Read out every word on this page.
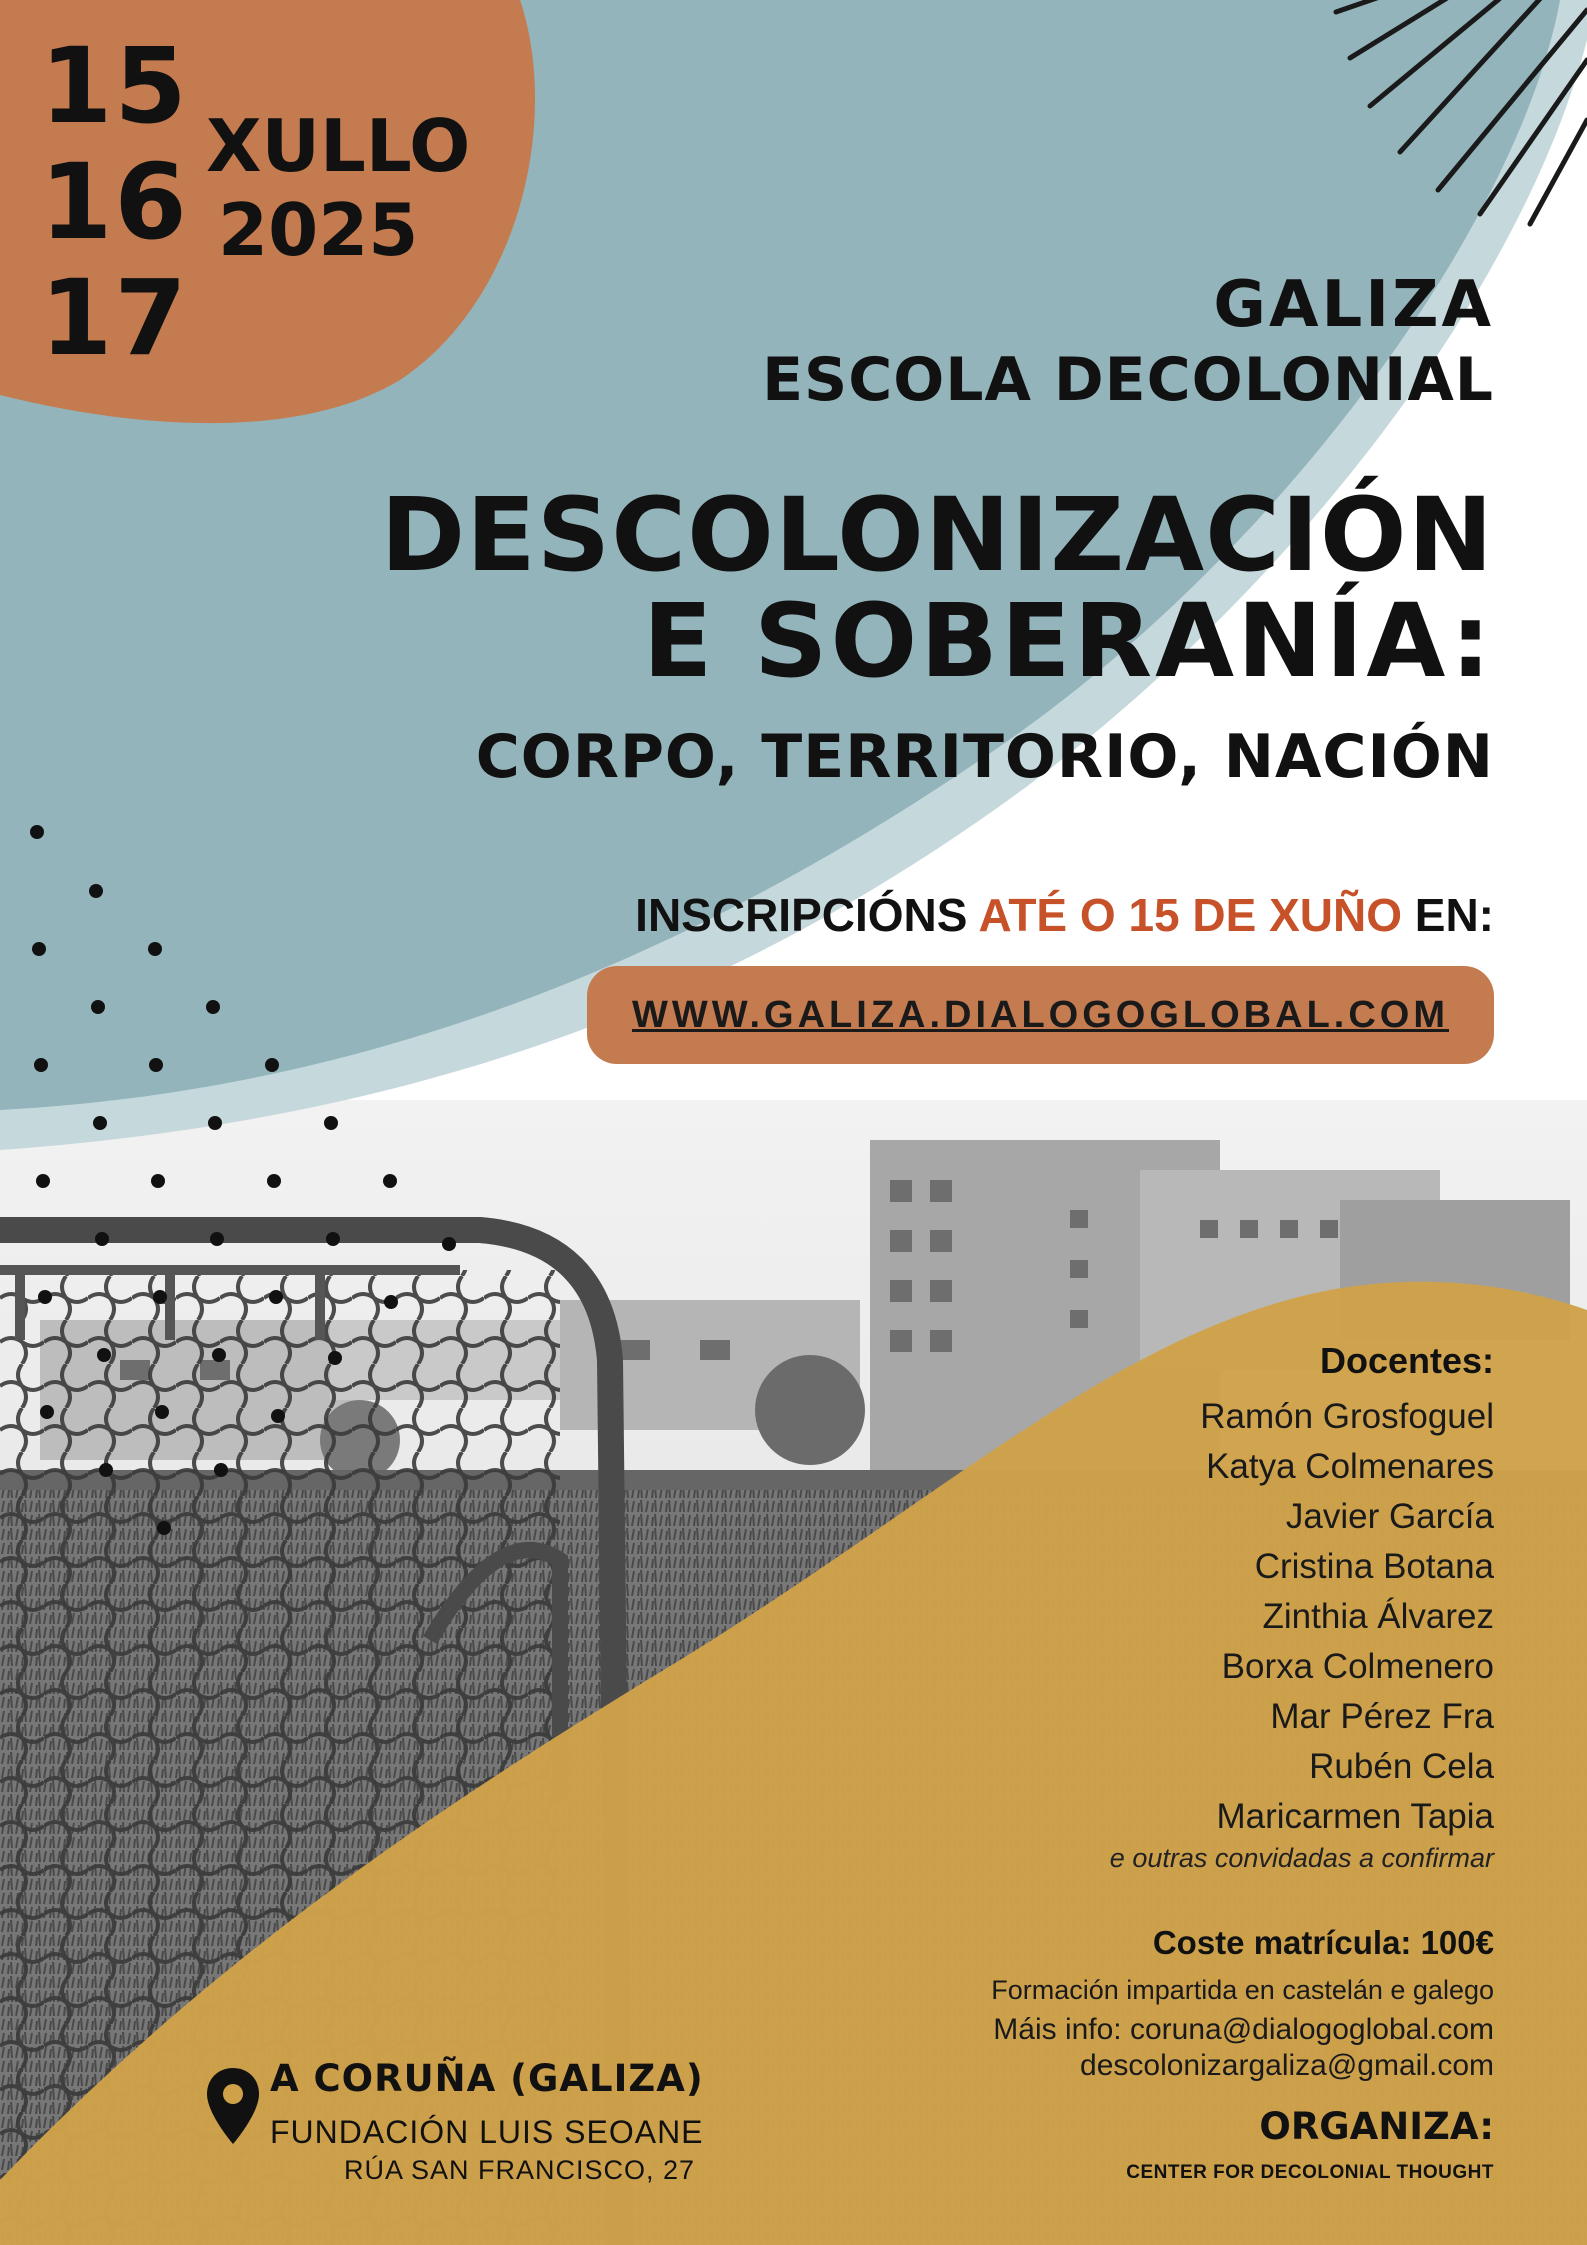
15
16
17
XULLO
2025
GALIZA
ESCOLA DECOLONIAL
DESCOLONIZACIÓN
E SOBERANÍA:
CORPO, TERRITORIO, NACIÓN
INSCRIPCIÓNS ATÉ O 15 DE XUÑO EN:
WWW.GALIZA.DIALOGOGLOBAL.COM
Docentes:
Ramón Grosfoguel
Katya Colmenares
Javier García
Cristina Botana
Zinthia Álvarez
Borxa Colmenero
Mar Pérez Fra
Rubén Cela
Maricarmen Tapia
e outras convidadas a confirmar
Coste matrícula: 100€
Formación impartida en castelán e galego
Máis info: coruna@dialogoglobal.com
descolonizargaliza@gmail.com
ORGANIZA:
CENTER FOR DECOLONIAL THOUGHT
A CORUÑA (GALIZA)
FUNDACIÓN LUIS SEOANE
RÚA SAN FRANCISCO, 27
